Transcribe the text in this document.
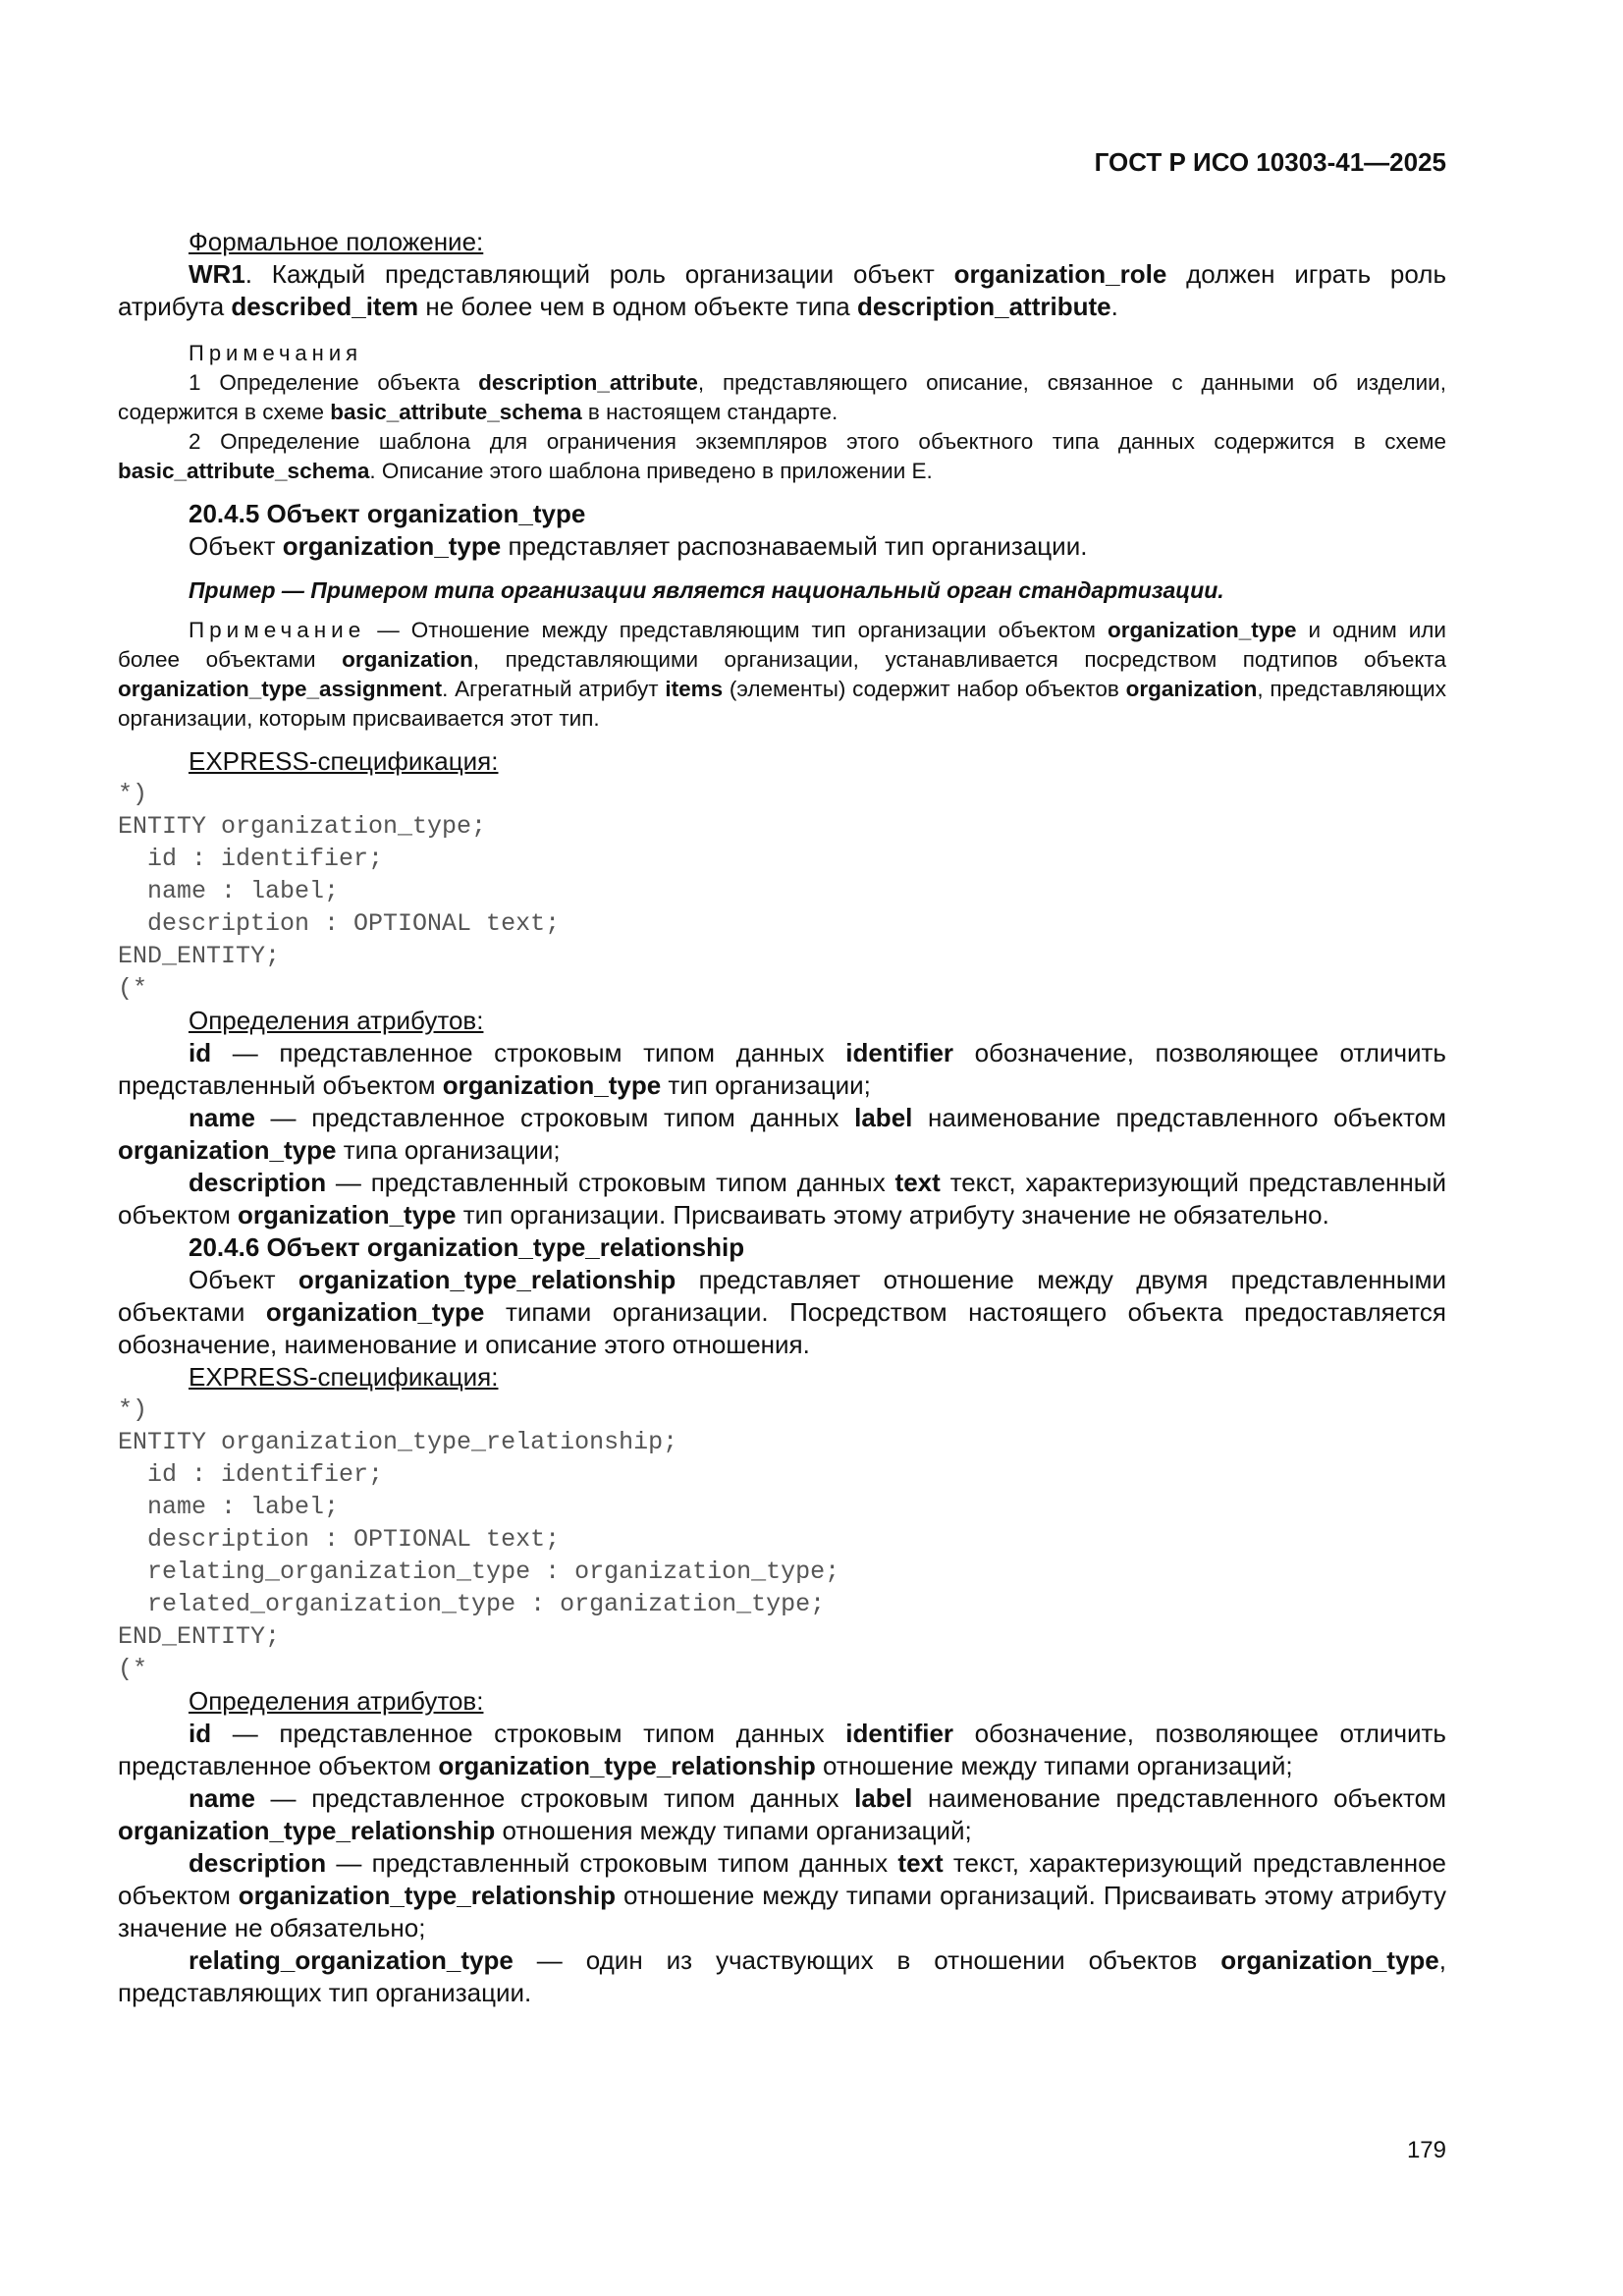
ГОСТ Р ИСО 10303-41—2025

Формальное положение:

WR1. Каждый представляющий роль организации объект organization_role должен играть роль атрибута described_item не более чем в одном объекте типа description_attribute.

Примечания

1 Определение объекта description_attribute, представляющего описание, связанное с данными об изделии, содержится в схеме basic_attribute_schema в настоящем стандарте.

2 Определение шаблона для ограничения экземпляров этого объектного типа данных содержится в схеме basic_attribute_schema. Описание этого шаблона приведено в приложении E.

20.4.5 Объект organization_type

Объект organization_type представляет распознаваемый тип организации.

Пример — Примером типа организации является национальный орган стандартизации.

Примечание — Отношение между представляющим тип организации объектом organization_type и одним или более объектами organization, представляющими организации, устанавливается посредством подтипов объекта organization_type_assignment. Агрегатный атрибут items (элементы) содержит набор объектов organization, представляющих организации, которым присваивается этот тип.

EXPRESS-спецификация:

*)
ENTITY organization_type;
id : identifier;
name : label;
description : OPTIONAL text;
END_ENTITY;
(*

Определения атрибутов:

id — представленное строковым типом данных identifier обозначение, позволяющее отличить представленный объектом organization_type тип организации;

name — представленное строковым типом данных label наименование представленного объектом organization_type типа организации;

description — представленный строковым типом данных text текст, характеризующий представленный объектом organization_type тип организации. Присваивать этому атрибуту значение не обязательно.

20.4.6 Объект organization_type_relationship

Объект organization_type_relationship представляет отношение между двумя представленными объектами organization_type типами организации. Посредством настоящего объекта предоставляется обозначение, наименование и описание этого отношения.

EXPRESS-спецификация:

*)
ENTITY organization_type_relationship;
id : identifier;
name : label;
description : OPTIONAL text;
relating_organization_type : organization_type;
related_organization_type : organization_type;
END_ENTITY;
(*

Определения атрибутов:

id — представленное строковым типом данных identifier обозначение, позволяющее отличить представленное объектом organization_type_relationship отношение между типами организаций;

name — представленное строковым типом данных label наименование представленного объектом organization_type_relationship отношения между типами организаций;

description — представленный строковым типом данных text текст, характеризующий представленное объектом organization_type_relationship отношение между типами организаций. Присваивать этому атрибуту значение не обязательно;

relating_organization_type — один из участвующих в отношении объектов organization_type, представляющих тип организации.

179
